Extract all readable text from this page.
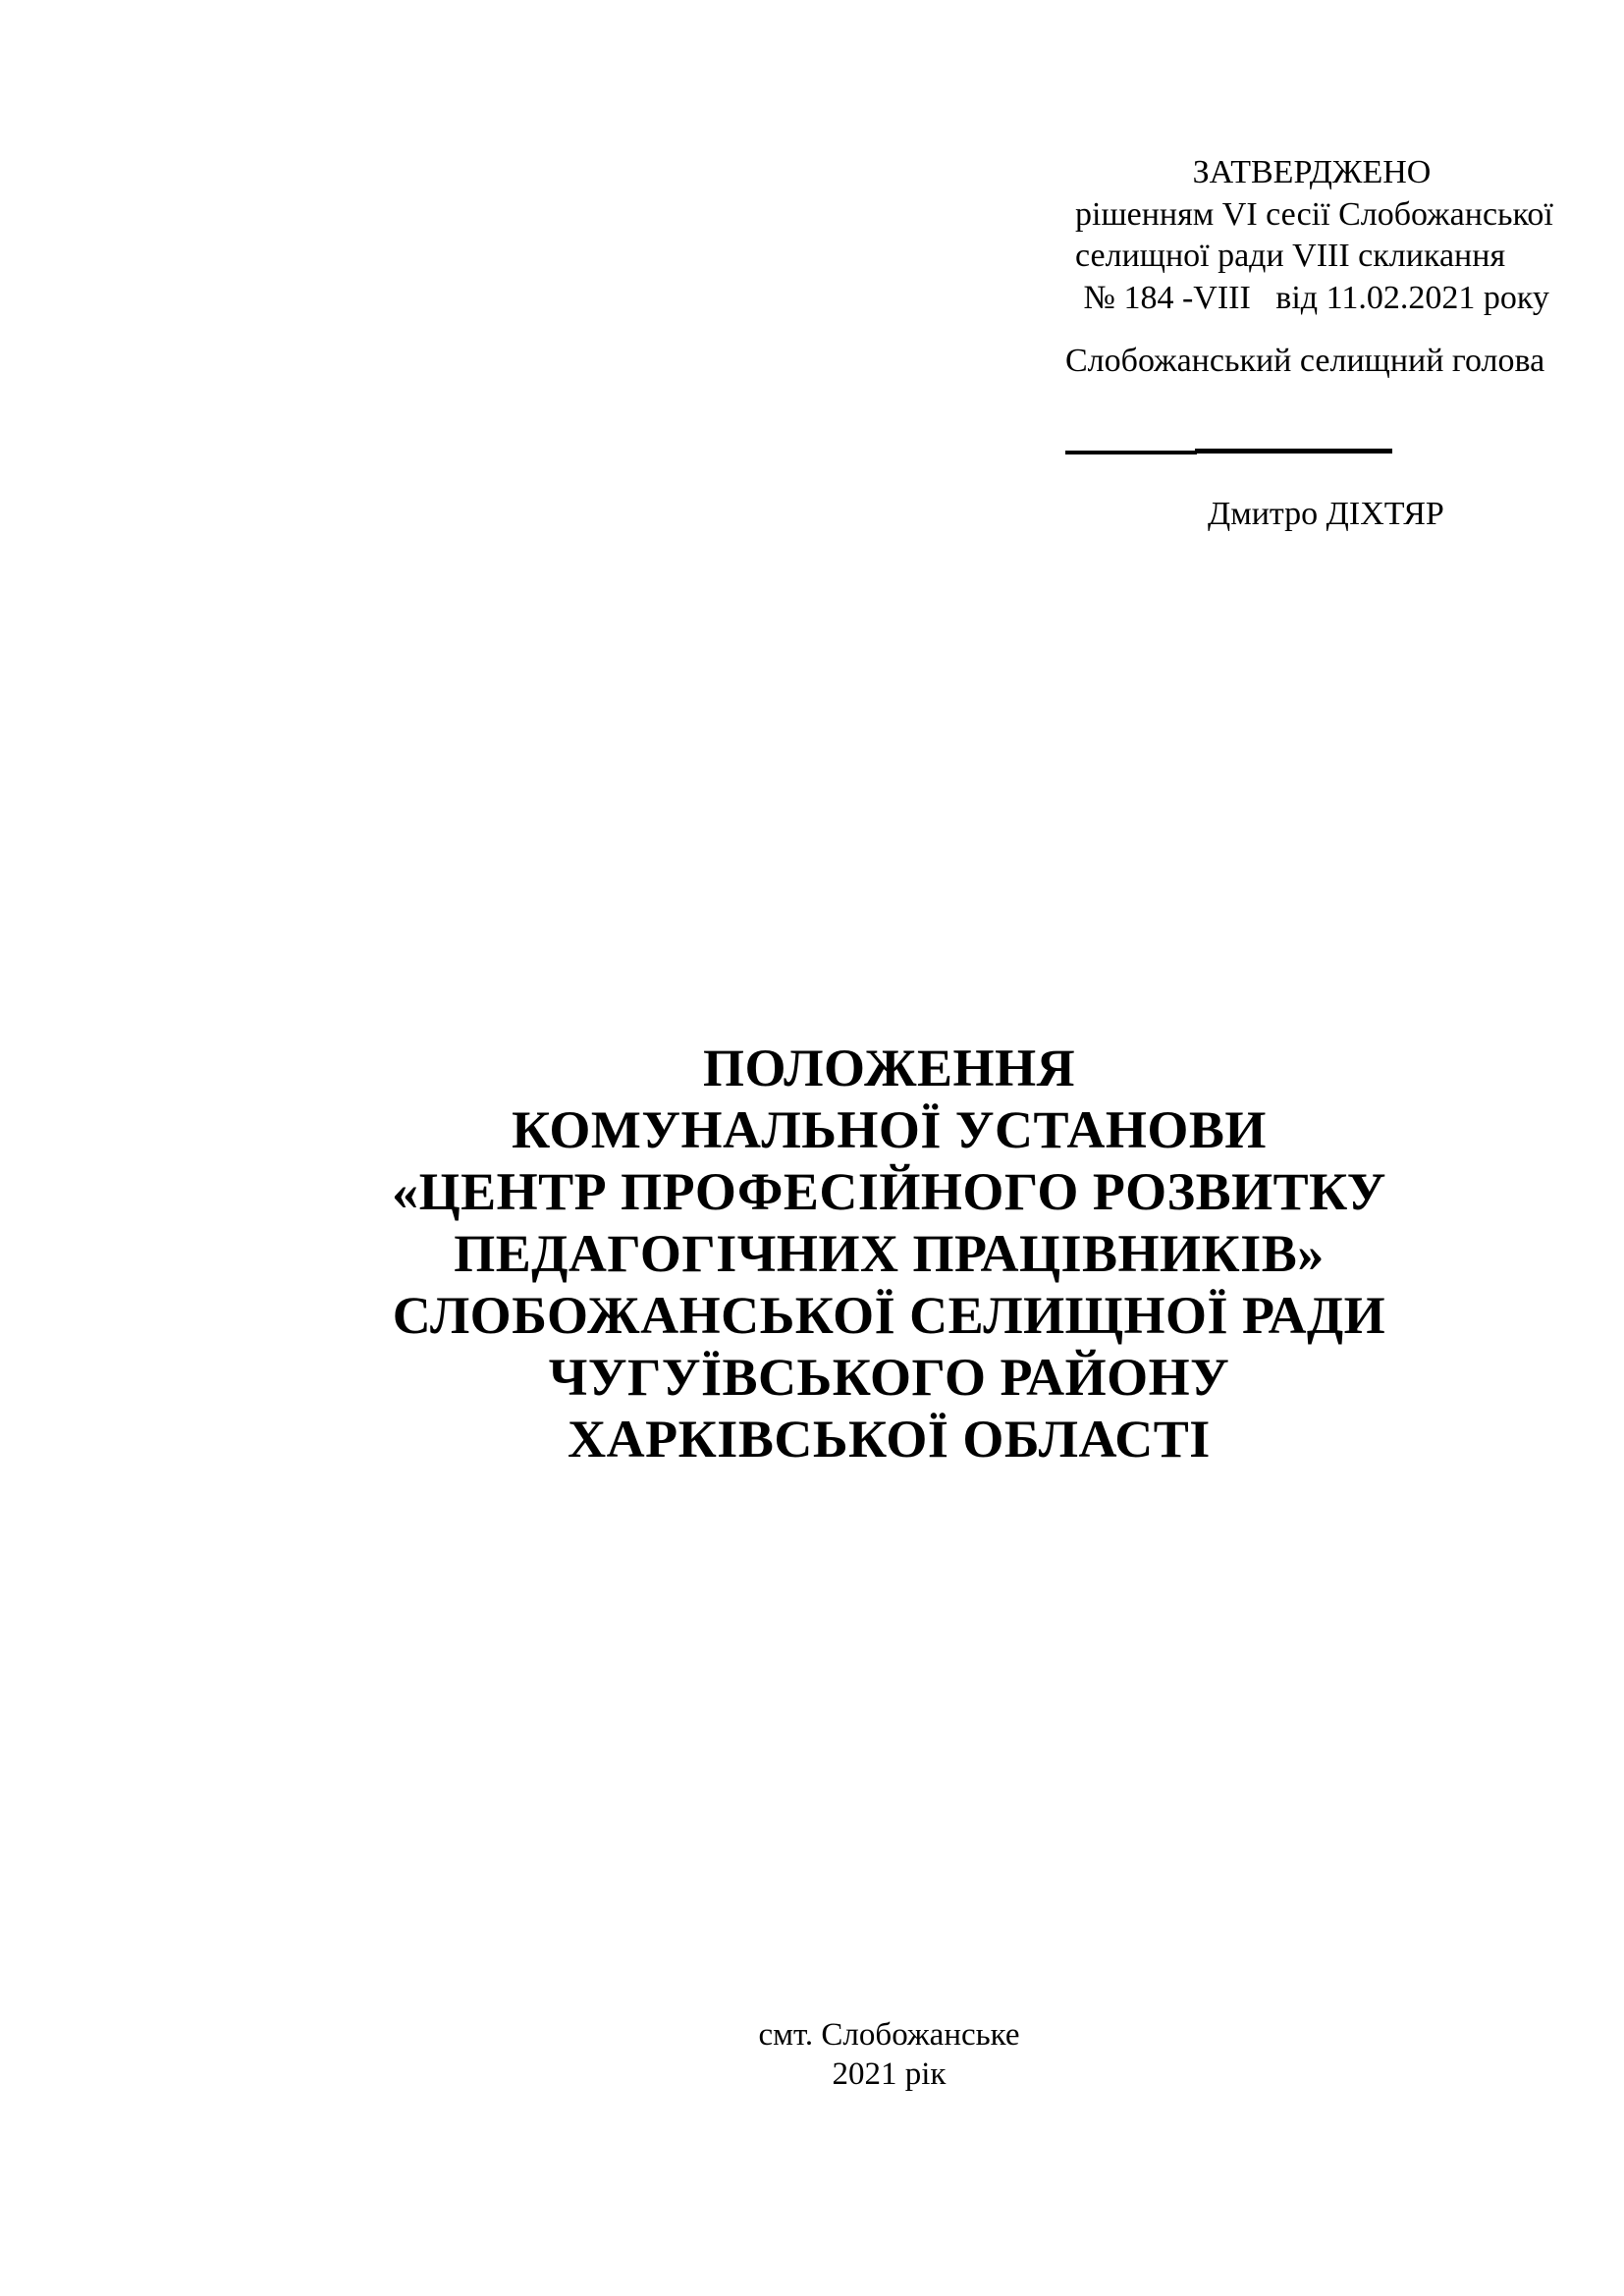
ЗАТВЕРДЖЕНО
рішенням VI сесії Слобожанської
селищної ради VIII скликання
№ 184 -VIII   від 11.02.2021 року
Слобожанський селищний голова
Дмитро ДІХТЯР
ПОЛОЖЕННЯ
КОМУНАЛЬНОЇ УСТАНОВИ
«ЦЕНТР ПРОФЕСІЙНОГО РОЗВИТКУ
ПЕДАГОГІЧНИХ ПРАЦІВНИКІВ»
СЛОБОЖАНСЬКОЇ СЕЛИЩНОЇ РАДИ
ЧУГУЇВСЬКОГО РАЙОНУ
ХАРКІВСЬКОЇ ОБЛАСТІ
смт. Слобожанське
2021 рік
